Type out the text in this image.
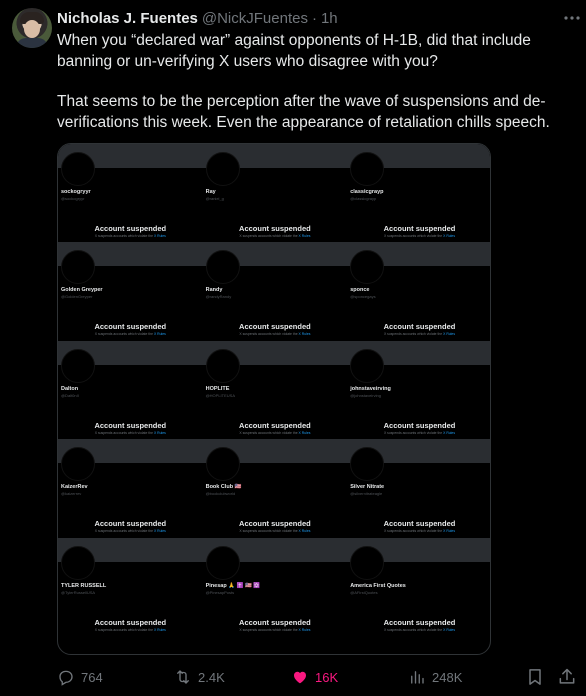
Nicholas J. Fuentes @NickJFuentes · 1h

When you “declared war” against opponents of H-1B, did that include banning or un-verifying X users who disagree with you?

That seems to be the perception after the wave of suspensions and de-verifications this week. Even the appearance of retaliation chills speech.

sockogryyr
@sockogryyr
Account suspended
X suspends accounts which violate the X Rules
Ray
@raniel_g
Account suspended
X suspends accounts which violate the X Rules
classicgrayp
@classicgrayp
Account suspended
X suspends accounts which violate the X Rules
Golden Greyper
@GoldenGreyper
Account suspended
X suspends accounts which violate the X Rules
Randy
@randyRandy
Account suspended
X suspends accounts which violate the X Rules
sponce
@sponcegays
Account suspended
X suspends accounts which violate the X Rules
Dalton
@Dalt0nII
Account suspended
X suspends accounts which violate the X Rules
HOPLITE
@HOPLITEUSA
Account suspended
X suspends accounts which violate the X Rules
johnstaveirving
@johnstaveirving
Account suspended
X suspends accounts which violate the X Rules
KaizerRev
@kaizerrev
Account suspended
X suspends accounts which violate the X Rules
Book Club 🇺🇸
@bookclubworld
Account suspended
X suspends accounts which violate the X Rules
Silver Nitrate
@silvernitrateagle
Account suspended
X suspends accounts which violate the X Rules
TYLER RUSSELL
@TylerRussellUSA
Account suspended
X suspends accounts which violate the X Rules
Pinesap 🙏 ✝️ 🇺🇸 ✡️
@PinesapPosts
Account suspended
X suspends accounts which violate the X Rules
America First Quotes
@AFirstQuotes
Account suspended
X suspends accounts which violate the X Rules
764	2.4K	16K	248K
